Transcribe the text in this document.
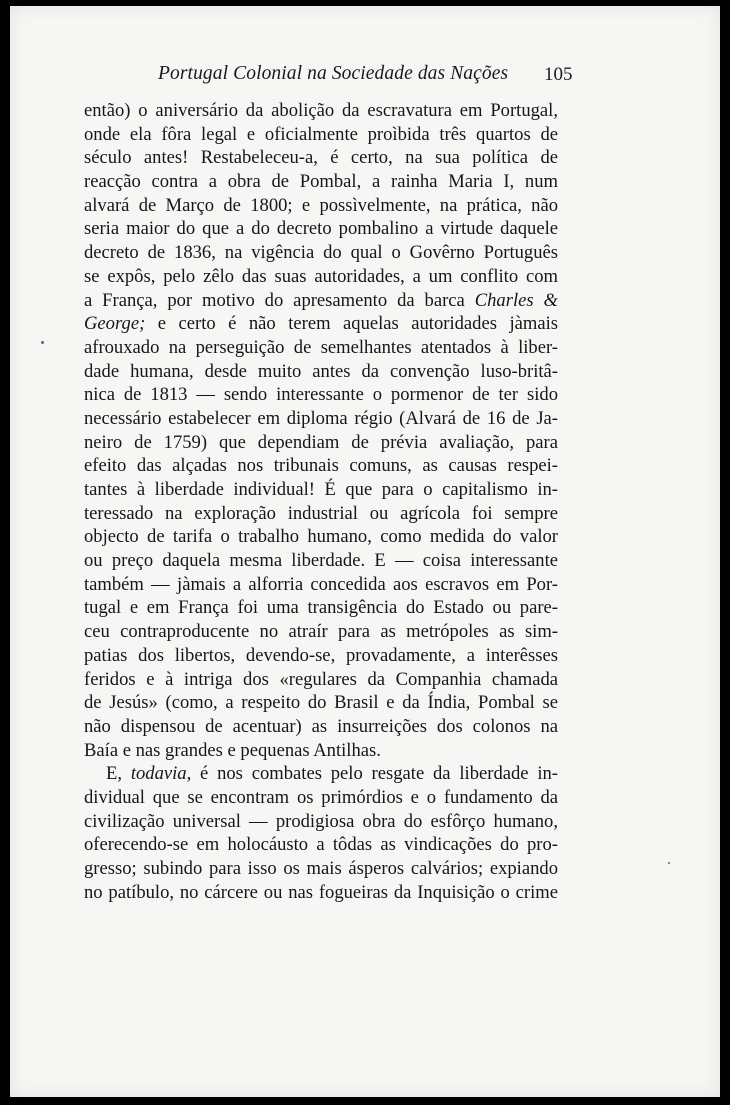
Portugal Colonial na Sociedade das Nações 105
então) o aniversário da abolição da escravatura em Portugal,
onde ela fôra legal e oficialmente proìbida três quartos de
século antes! Restabeleceu-a, é certo, na sua política de
reacção contra a obra de Pombal, a rainha Maria I, num
alvará de Março de 1800; e possìvelmente, na prática, não
seria maior do que a do decreto pombalino a virtude daquele
decreto de 1836, na vigência do qual o Govêrno Português
se expôs, pelo zêlo das suas autoridades, a um conflito com
a França, por motivo do apresamento da barca Charles &
George; e certo é não terem aquelas autoridades jàmais
afrouxado na perseguição de semelhantes atentados à liber-
dade humana, desde muito antes da convenção luso-britâ-
nica de 1813 — sendo interessante o pormenor de ter sido
necessário estabelecer em diploma régio (Alvará de 16 de Ja-
neiro de 1759) que dependiam de prévia avaliação, para
efeito das alçadas nos tribunais comuns, as causas respei-
tantes à liberdade individual! É que para o capitalismo in-
teressado na exploração industrial ou agrícola foi sempre
objecto de tarifa o trabalho humano, como medida do valor
ou preço daquela mesma liberdade. E — coisa interessante
também — jàmais a alforria concedida aos escravos em Por-
tugal e em França foi uma transigência do Estado ou pare-
ceu contraproducente no atraír para as metrópoles as sim-
patias dos libertos, devendo-se, provadamente, a interêsses
feridos e à intriga dos «regulares da Companhia chamada
de Jesús» (como, a respeito do Brasil e da Índia, Pombal se
não dispensou de acentuar) as insurreições dos colonos na
Baía e nas grandes e pequenas Antilhas.
E, todavia, é nos combates pelo resgate da liberdade in-
dividual que se encontram os primórdios e o fundamento da
civilização universal — prodigiosa obra do esfôrço humano,
oferecendo-se em holocáusto a tôdas as vindicações do pro-
gresso; subindo para isso os mais ásperos calvários; expiando
no patíbulo, no cárcere ou nas fogueiras da Inquisição o crime
